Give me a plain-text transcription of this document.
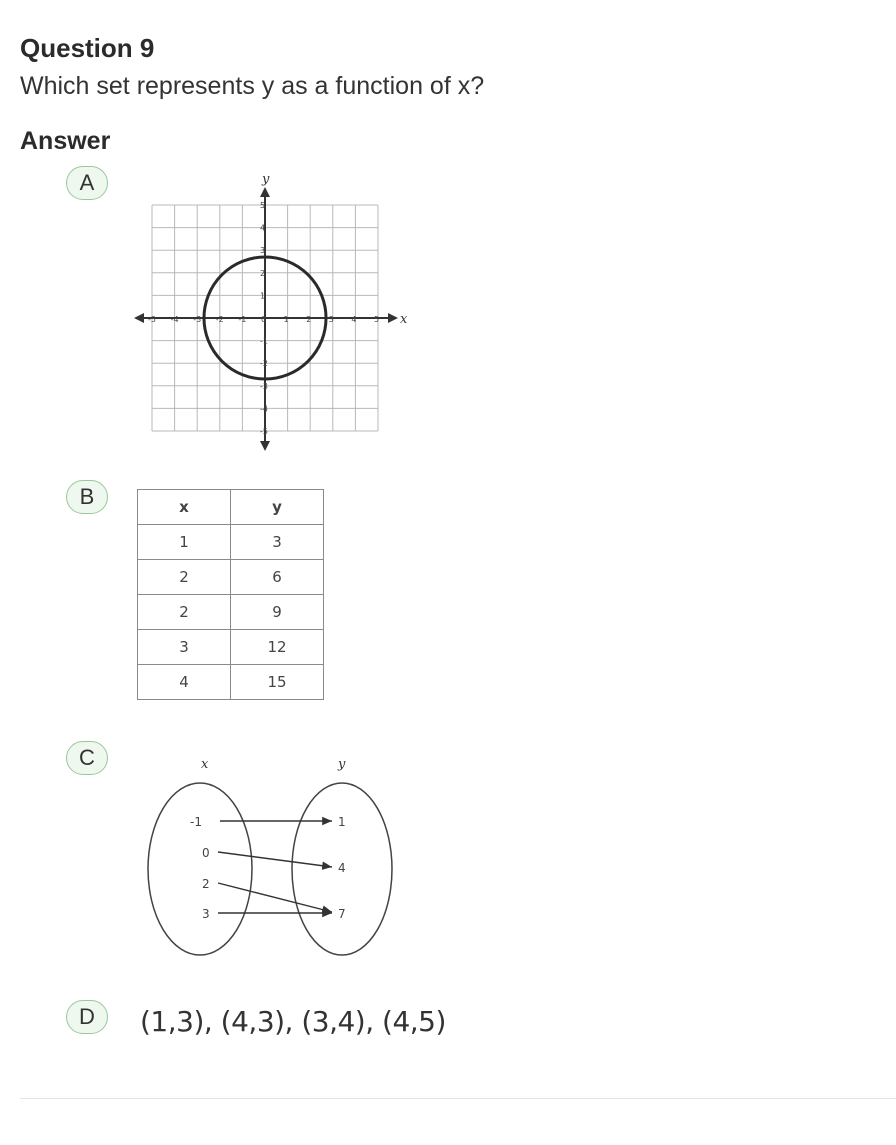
Question 9
Which set represents y as a function of x?
Answer
A
-5 -4 -3 -2 -1 0 1 2 3 4 5
5
4
3
2
1
-1
-2
-3
-4
-5
x
y
B	x	y
1	3
2	6
2	9
3	12
4	15
C	x	y
-1
0
2
3
1
4
7
D	(1,3), (4,3), (3,4), (4,5)
